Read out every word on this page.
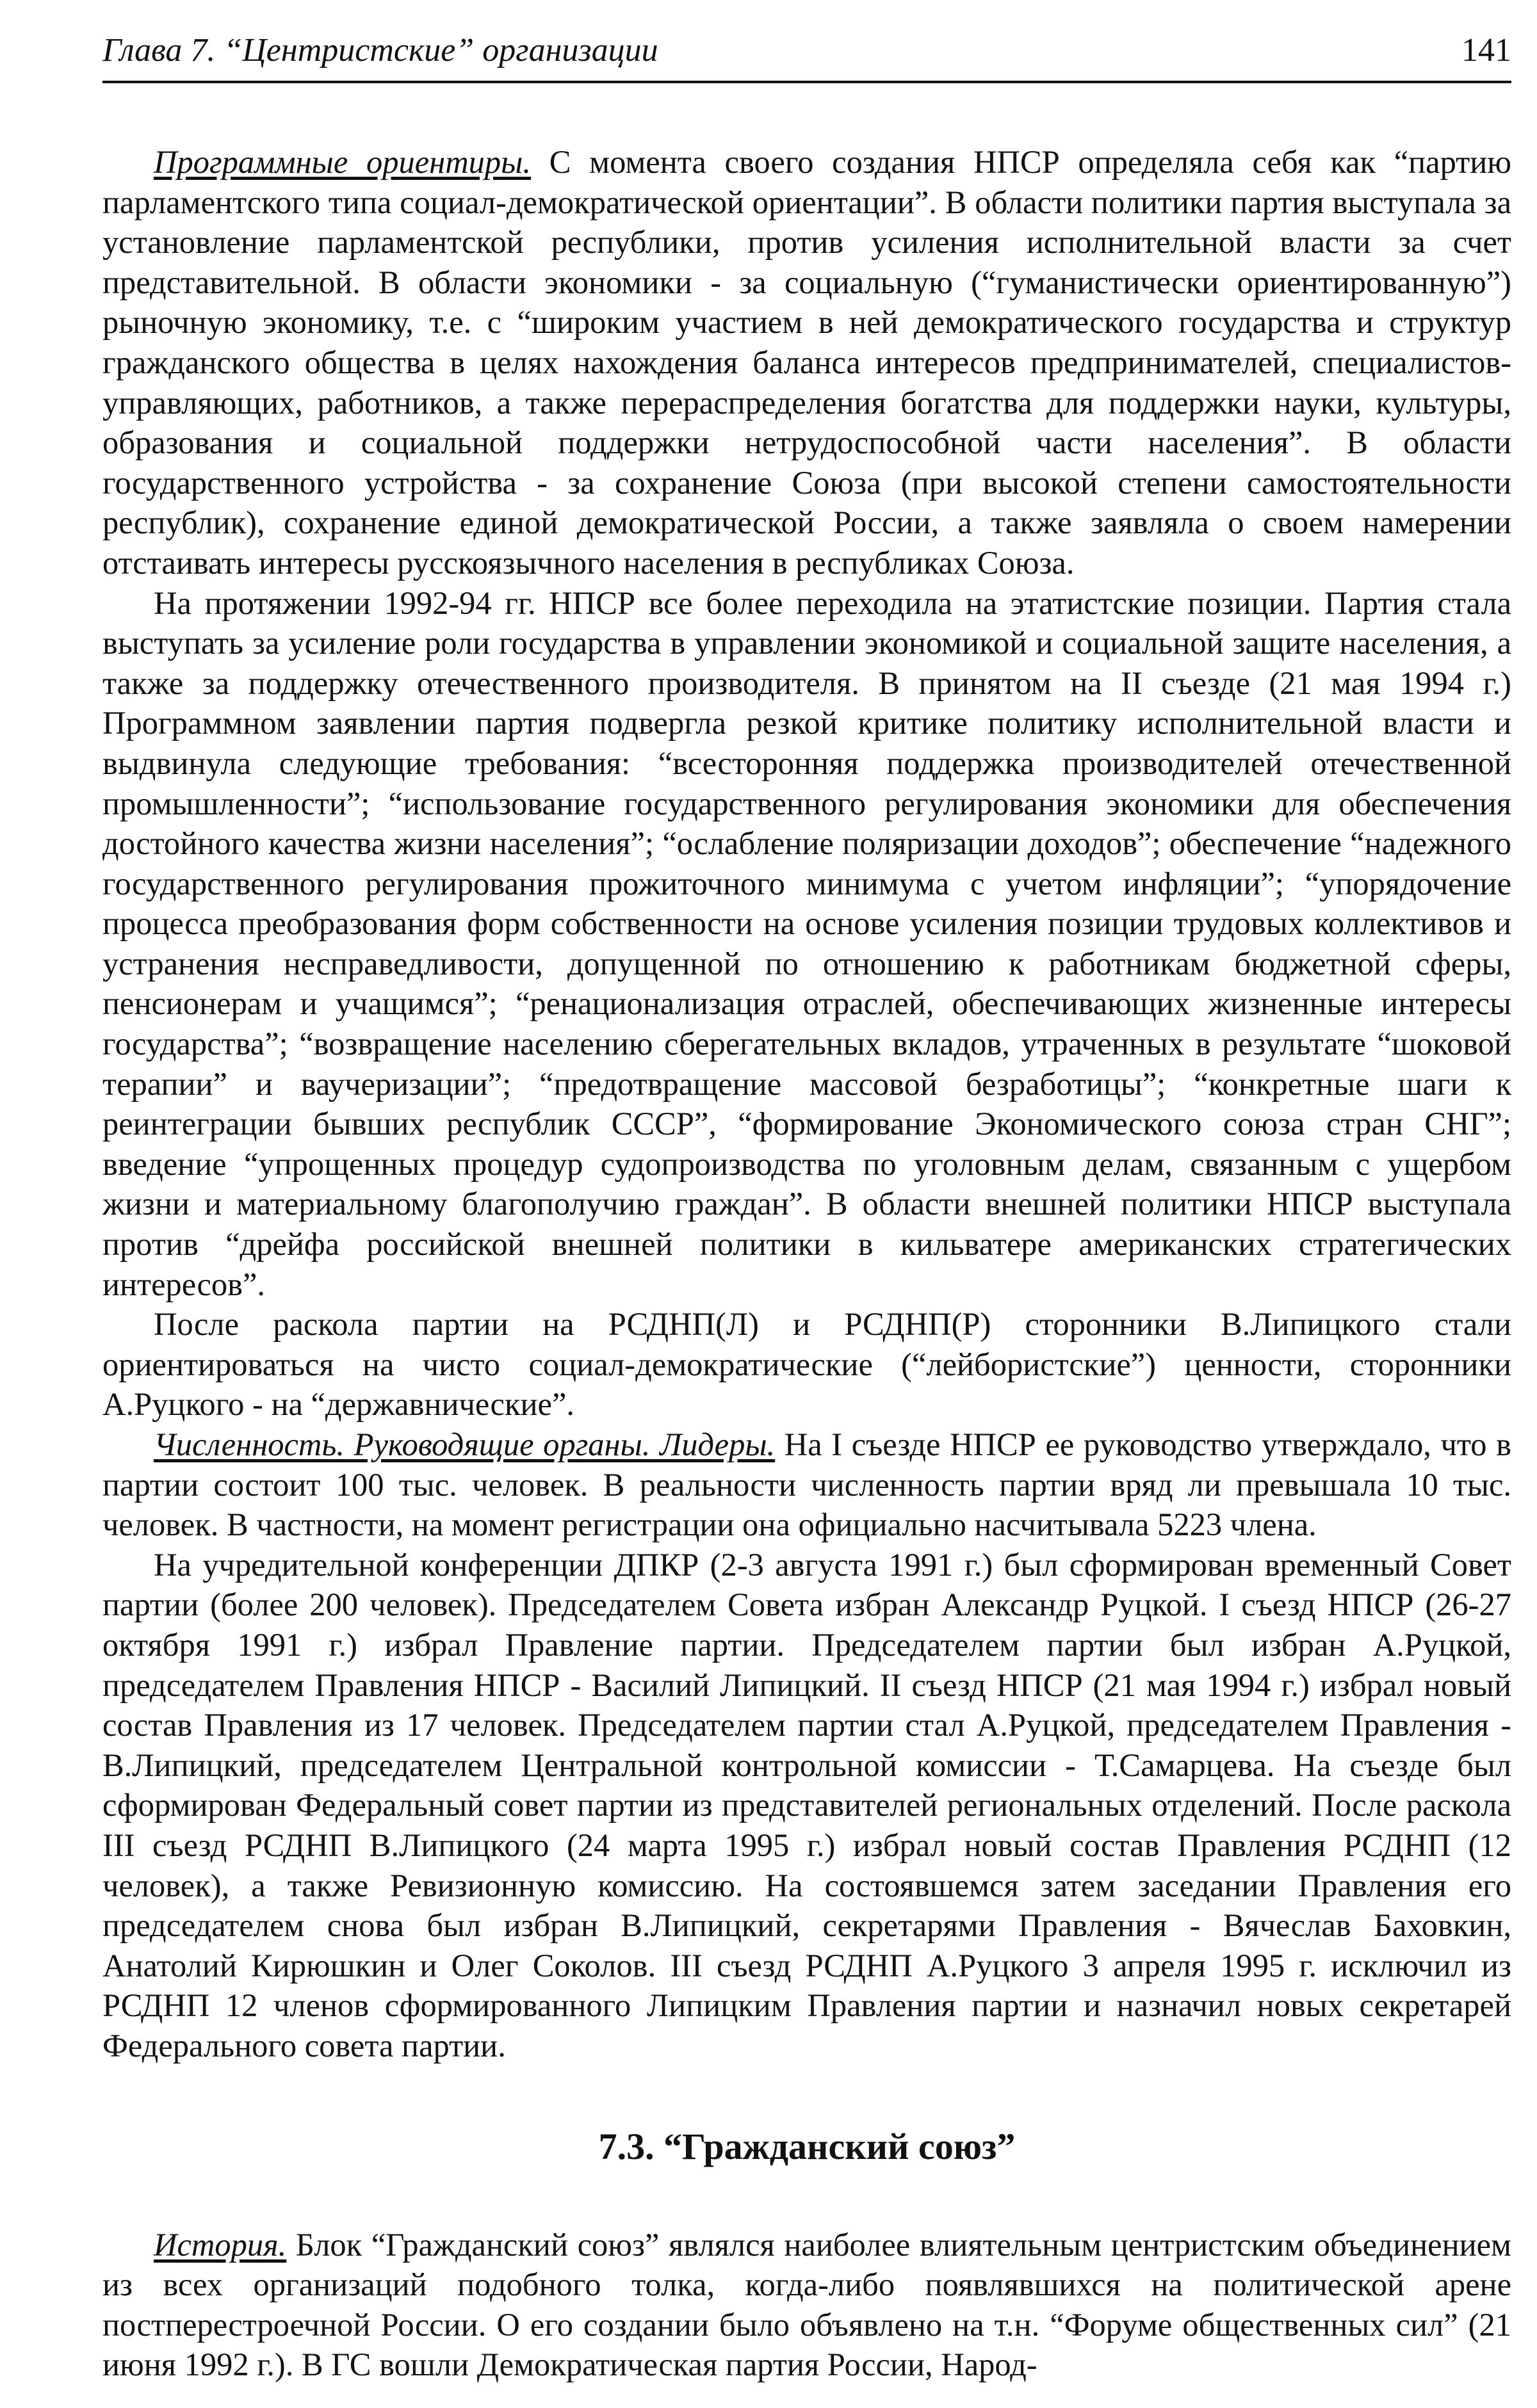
Глава 7. “Центристские” организации	141

Программные ориентиры. С момента своего создания НПСР определяла себя как “партию парламентского типа социал-демократической ориентации”. В области политики партия выступала за установление парламентской республики, против усиления исполнительной власти за счет представительной. В области экономики - за социальную (“гуманистически ориентированную”) рыночную экономику, т.е. с “широким участием в ней демократического государства и структур гражданского общества в целях нахождения баланса интересов предпринимателей, специалистов-управляющих, работников, а также перераспределения богатства для поддержки науки, культуры, образования и социальной поддержки нетрудоспособной части населения”. В области государственного устройства - за сохранение Союза (при высокой степени самостоятельности республик), сохранение единой демократической России, а также заявляла о своем намерении отстаивать интересы русскоязычного населения в республиках Союза.

На протяжении 1992-94 гг. НПСР все более переходила на этатистские позиции. Партия стала выступать за усиление роли государства в управлении экономикой и социальной защите населения, а также за поддержку отечественного производителя. В принятом на II съезде (21 мая 1994 г.) Программном заявлении партия подвергла резкой критике политику исполнительной власти и выдвинула следующие требования: “всесторонняя поддержка производителей отечественной промышленности”; “использование государственного регулирования экономики для обеспечения достойного качества жизни населения”; “ослабление поляризации доходов”; обеспечение “надежного государственного регулирования прожиточного минимума с учетом инфляции”; “упорядочение процесса преобразования форм собственности на основе усиления позиции трудовых коллективов и устранения несправедливости, допущенной по отношению к работникам бюджетной сферы, пенсионерам и учащимся”; “ренационализация отраслей, обеспечивающих жизненные интересы государства”; “возвращение населению сберегательных вкладов, утраченных в результате “шоковой терапии” и ваучеризации”; “предотвращение массовой безработицы”; “конкретные шаги к реинтеграции бывших республик СССР”, “формирование Экономического союза стран СНГ”; введение “упрощенных процедур судопроизводства по уголовным делам, связанным с ущербом жизни и материальному благополучию граждан”. В области внешней политики НПСР выступала против “дрейфа российской внешней политики в кильватере американских стратегических интересов”.

После раскола партии на РСДНП(Л) и РСДНП(Р) сторонники В.Липицкого стали ориентироваться на чисто социал-демократические (“лейбористские”) ценности, сторонники А.Руцкого - на “державнические”.

Численность. Руководящие органы. Лидеры. На I съезде НПСР ее руководство утверждало, что в партии состоит 100 тыс. человек. В реальности численность партии вряд ли превышала 10 тыс. человек. В частности, на момент регистрации она официально насчитывала 5223 члена.

На учредительной конференции ДПКР (2-3 августа 1991 г.) был сформирован временный Совет партии (более 200 человек). Председателем Совета избран Александр Руцкой. I съезд НПСР (26-27 октября 1991 г.) избрал Правление партии. Председателем партии был избран А.Руцкой, председателем Правления НПСР - Василий Липицкий. II съезд НПСР (21 мая 1994 г.) избрал новый состав Правления из 17 человек. Председателем партии стал А.Руцкой, председателем Правления - В.Липицкий, председателем Центральной контрольной комиссии - Т.Самарцева. На съезде был сформирован Федеральный совет партии из представителей региональных отделений. После раскола III съезд РСДНП В.Липицкого (24 марта 1995 г.) избрал новый состав Правления РСДНП (12 человек), а также Ревизионную комиссию. На состоявшемся затем заседании Правления его председателем снова был избран В.Липицкий, секретарями Правления - Вячеслав Баховкин, Анатолий Кирюшкин и Олег Соколов. III съезд РСДНП А.Руцкого 3 апреля 1995 г. исключил из РСДНП 12 членов сформированного Липицким Правления партии и назначил новых секретарей Федерального совета партии.

7.3. “Гражданский союз”

История. Блок “Гражданский союз” являлся наиболее влиятельным центристским объединением из всех организаций подобного толка, когда-либо появлявшихся на политической арене постперестроечной России. О его создании было объявлено на т.н. “Форуме общественных сил” (21 июня 1992 г.). В ГС вошли Демократическая партия России, Народ-
